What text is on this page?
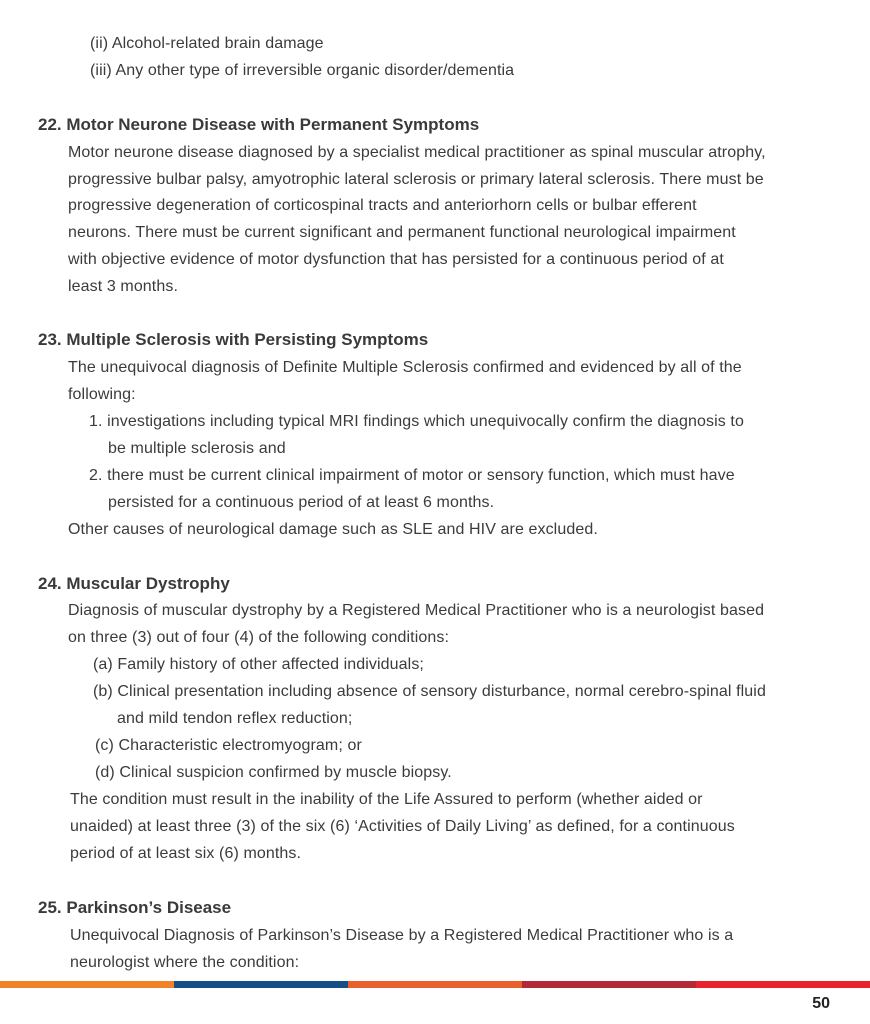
(ii) Alcohol-related brain damage
(iii) Any other type of irreversible organic disorder/dementia
22. Motor Neurone Disease with Permanent Symptoms
Motor neurone disease diagnosed by a specialist medical practitioner as spinal muscular atrophy,
progressive bulbar palsy, amyotrophic lateral sclerosis or primary lateral sclerosis. There must be
progressive degeneration of corticospinal tracts and anteriorhorn cells or bulbar efferent
neurons. There must be current significant and permanent functional neurological impairment
with objective evidence of motor dysfunction that has persisted for a continuous period of at
least 3 months.
23. Multiple Sclerosis with Persisting Symptoms
The unequivocal diagnosis of Definite Multiple Sclerosis confirmed and evidenced by all of the
following:
1. investigations including typical MRI findings which unequivocally confirm the diagnosis to
be multiple sclerosis and
2. there must be current clinical impairment of motor or sensory function, which must have
persisted for a continuous period of at least 6 months.
Other causes of neurological damage such as SLE and HIV are excluded.
24. Muscular Dystrophy
Diagnosis of muscular dystrophy by a Registered Medical Practitioner who is a neurologist based
on three (3) out of four (4) of the following conditions:
(a) Family history of other affected individuals;
(b) Clinical presentation including absence of sensory disturbance, normal cerebro-spinal fluid
and mild tendon reflex reduction;
(c) Characteristic electromyogram; or
(d) Clinical suspicion confirmed by muscle biopsy.
The condition must result in the inability of the Life Assured to perform (whether aided or
unaided) at least three (3) of the six (6) ‘Activities of Daily Living’ as defined, for a continuous
period of at least six (6) months.
25. Parkinson’s Disease
Unequivocal Diagnosis of Parkinson’s Disease by a Registered Medical Practitioner who is a
neurologist where the condition:
50
